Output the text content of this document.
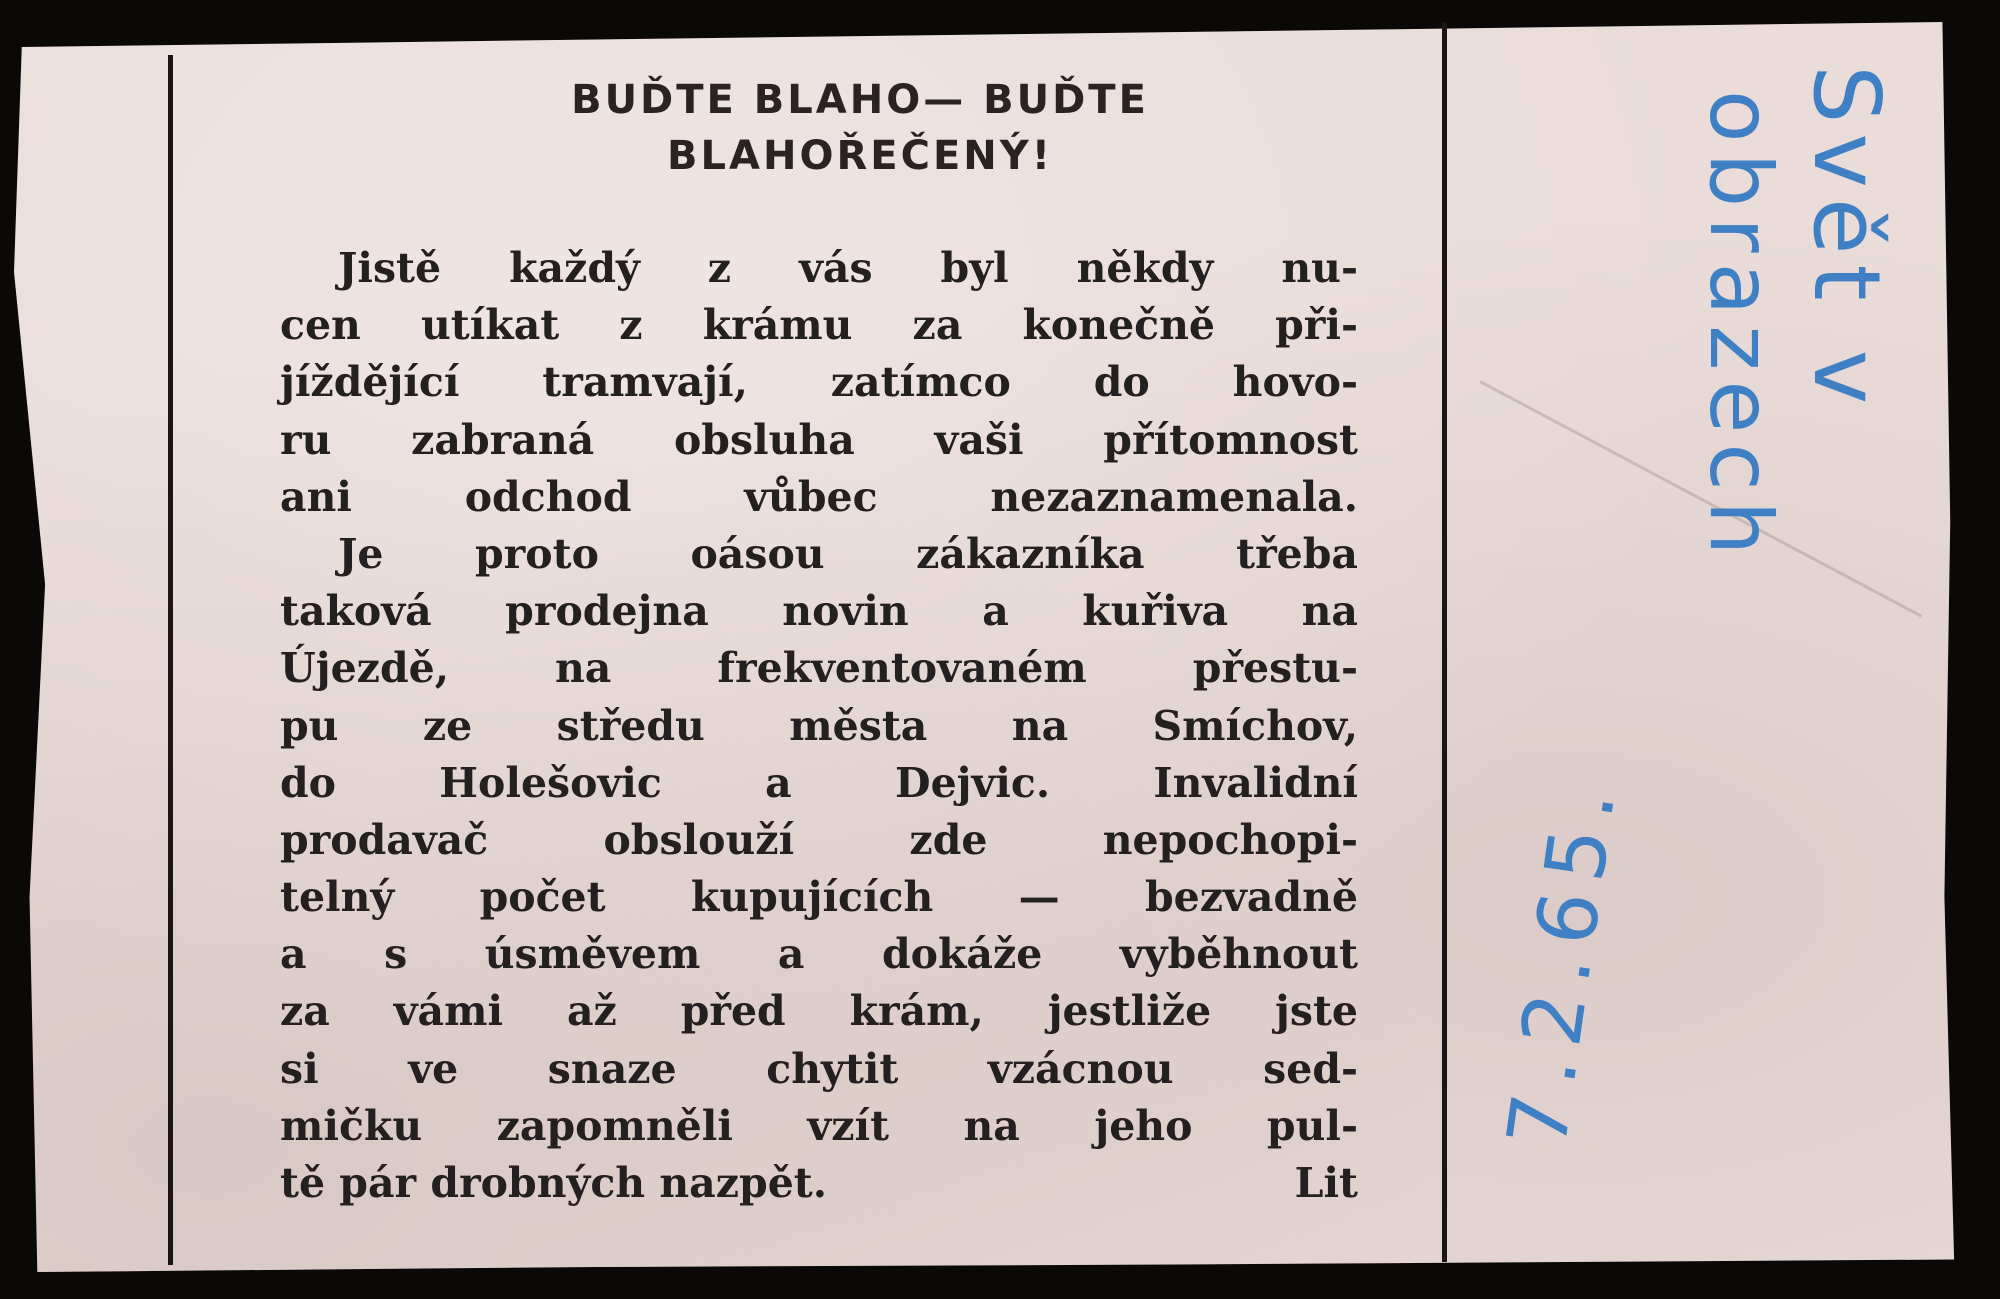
BUĎTE BLAHO— BUĎTE
BLAHOŘEČENÝ!
Jistě každý z vás byl někdy nu-
cen utíkat z krámu za konečně při-
jíždějící tramvají, zatímco do hovo-
ru zabraná obsluha vaši přítomnost
ani odchod vůbec nezaznamenala.
Je proto oásou zákazníka třeba
taková prodejna novin a kuřiva na
Újezdě, na frekventovaném přestu-
pu ze středu města na Smíchov,
do Holešovic a Dejvic. Invalidní
prodavač obslouží zde nepochopi-
telný počet kupujících — bezvadně
a s úsměvem a dokáže vyběhnout
za vámi až před krám, jestliže jste
si ve snaze chytit vzácnou sed-
mičku zapomněli vzít na jeho pul-
tě pár drobných nazpět.	Lit
Svět v
obrazech
7.2.65.
